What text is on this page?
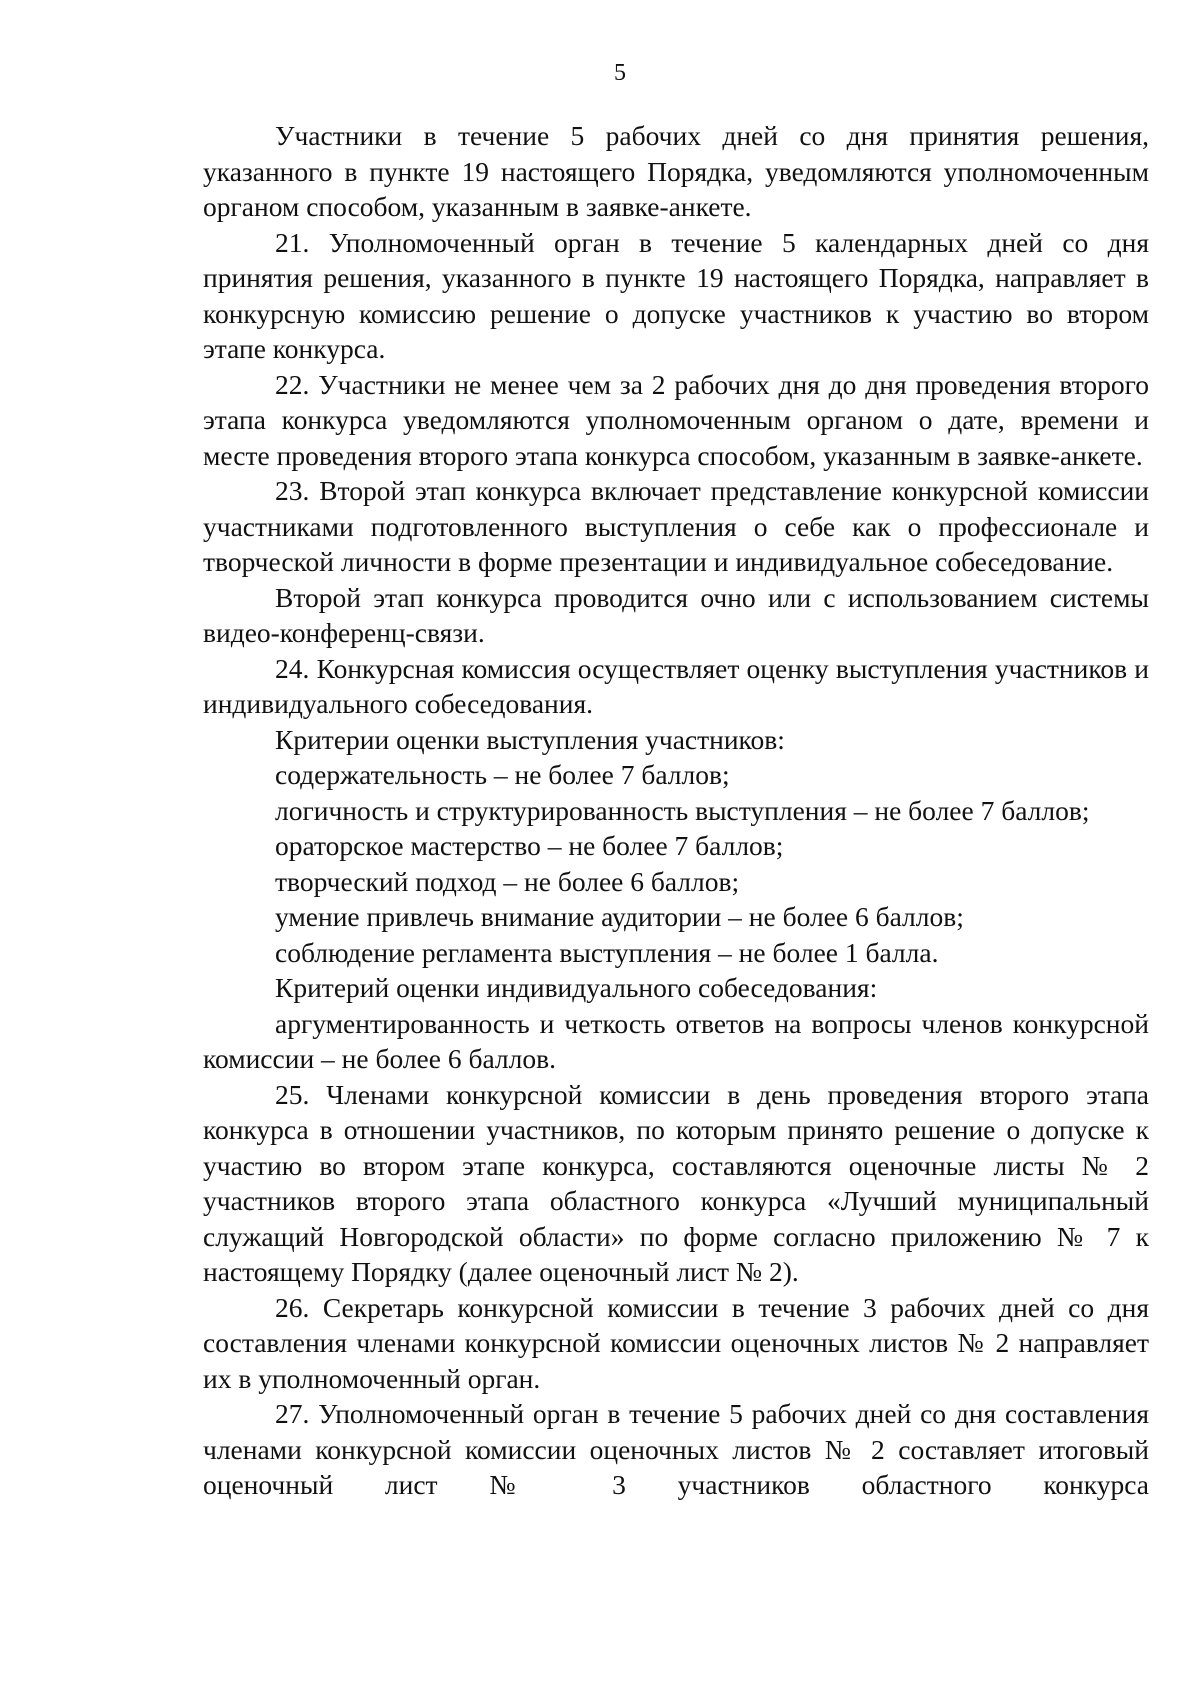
5

Участники в течение 5 рабочих дней со дня принятия решения, указанного в пункте 19 настоящего Порядка, уведомляются уполномоченным органом способом, указанным в заявке-анкете.

21. Уполномоченный орган в течение 5 календарных дней со дня принятия решения, указанного в пункте 19 настоящего Порядка, направляет в конкурсную комиссию решение о допуске участников к участию во втором этапе конкурса.

22. Участники не менее чем за 2 рабочих дня до дня проведения второго этапа конкурса уведомляются уполномоченным органом о дате, времени и месте проведения второго этапа конкурса способом, указанным в заявке-анкете.

23. Второй этап конкурса включает представление конкурсной комиссии участниками подготовленного выступления о себе как о профессионале и творческой личности в форме презентации и индивидуальное собеседование.

Второй этап конкурса проводится очно или с использованием системы видео-конференц-связи.

24. Конкурсная комиссия осуществляет оценку выступления участников и индивидуального собеседования.

Критерии оценки выступления участников:

содержательность – не более 7 баллов;

логичность и структурированность выступления – не более 7 баллов;

ораторское мастерство – не более 7 баллов;

творческий подход – не более 6 баллов;

умение привлечь внимание аудитории – не более 6 баллов;

соблюдение регламента выступления – не более 1 балла.

Критерий оценки индивидуального собеседования:

аргументированность и четкость ответов на вопросы членов конкурсной комиссии – не более 6 баллов.

25. Членами конкурсной комиссии в день проведения второго этапа конкурса в отношении участников, по которым принято решение о допуске к участию во втором этапе конкурса, составляются оценочные листы № 2 участников второго этапа областного конкурса «Лучший муниципальный служащий Новгородской области» по форме согласно приложению № 7 к настоящему Порядку (далее оценочный лист № 2).

26. Секретарь конкурсной комиссии в течение 3 рабочих дней со дня составления членами конкурсной комиссии оценочных листов № 2 направляет их в уполномоченный орган.

27. Уполномоченный орган в течение 5 рабочих дней со дня составления членами конкурсной комиссии оценочных листов № 2 составляет итоговый оценочный лист № 3 участников областного конкурса
